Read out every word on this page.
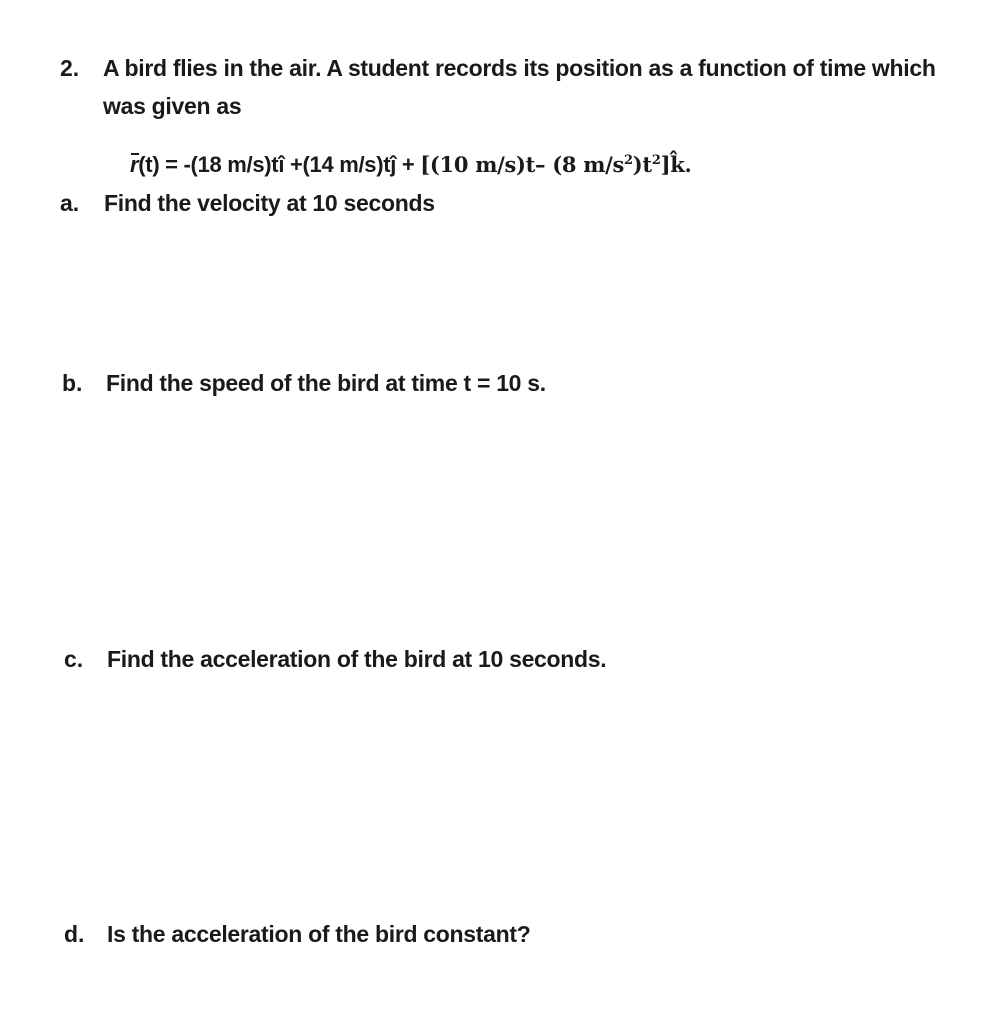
2. A bird flies in the air. A student records its position as a function of time which
was given as
r(t) = -(18 m/s)tî +(14 m/s)tĵ + [(10 m/s)t– (8 $m/s^2)t^2]k̂$.
a. Find the velocity at 10 seconds
b. Find the speed of the bird at time t = 10 s.
c. Find the acceleration of the bird at 10 seconds.
d. Is the acceleration of the bird constant?
